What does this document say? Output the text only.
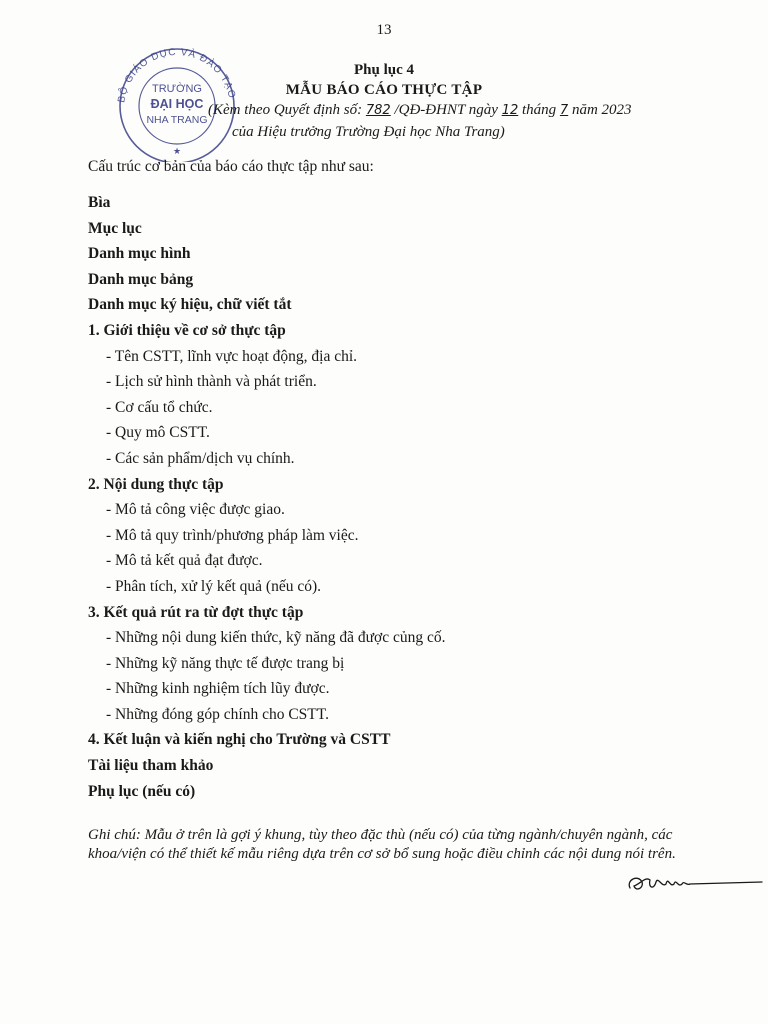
13
BỘ GIÁO DỤC VÀ ĐÀO TẠO
TRƯỜNG
ĐẠI HỌC
NHA TRANG
★
Phụ lục 4
MẪU BÁO CÁO THỰC TẬP
(Kèm theo Quyết định số: 782 /QĐ-ĐHNT ngày 12 tháng 7 năm 2023
của Hiệu trưởng Trường Đại học Nha Trang)
Cấu trúc cơ bản của báo cáo thực tập như sau:
Bìa
Mục lục
Danh mục hình
Danh mục bảng
Danh mục ký hiệu, chữ viết tắt
1. Giới thiệu về cơ sở thực tập
- Tên CSTT, lĩnh vực hoạt động, địa chỉ.
- Lịch sử hình thành và phát triển.
- Cơ cấu tổ chức.
- Quy mô CSTT.
- Các sản phẩm/dịch vụ chính.
2. Nội dung thực tập
- Mô tả công việc được giao.
- Mô tả quy trình/phương pháp làm việc.
- Mô tả kết quả đạt được.
- Phân tích, xử lý kết quả (nếu có).
3. Kết quả rút ra từ đợt thực tập
- Những nội dung kiến thức, kỹ năng đã được củng cố.
- Những kỹ năng thực tế được trang bị
- Những kinh nghiệm tích lũy được.
- Những đóng góp chính cho CSTT.
4. Kết luận và kiến nghị cho Trường và CSTT
Tài liệu tham khảo
Phụ lục (nếu có)
Ghi chú: Mẫu ở trên là gợi ý khung, tùy theo đặc thù (nếu có) của từng ngành/chuyên ngành, các khoa/viện có thể thiết kế mẫu riêng dựa trên cơ sở bổ sung hoặc điều chỉnh các nội dung nói trên.
